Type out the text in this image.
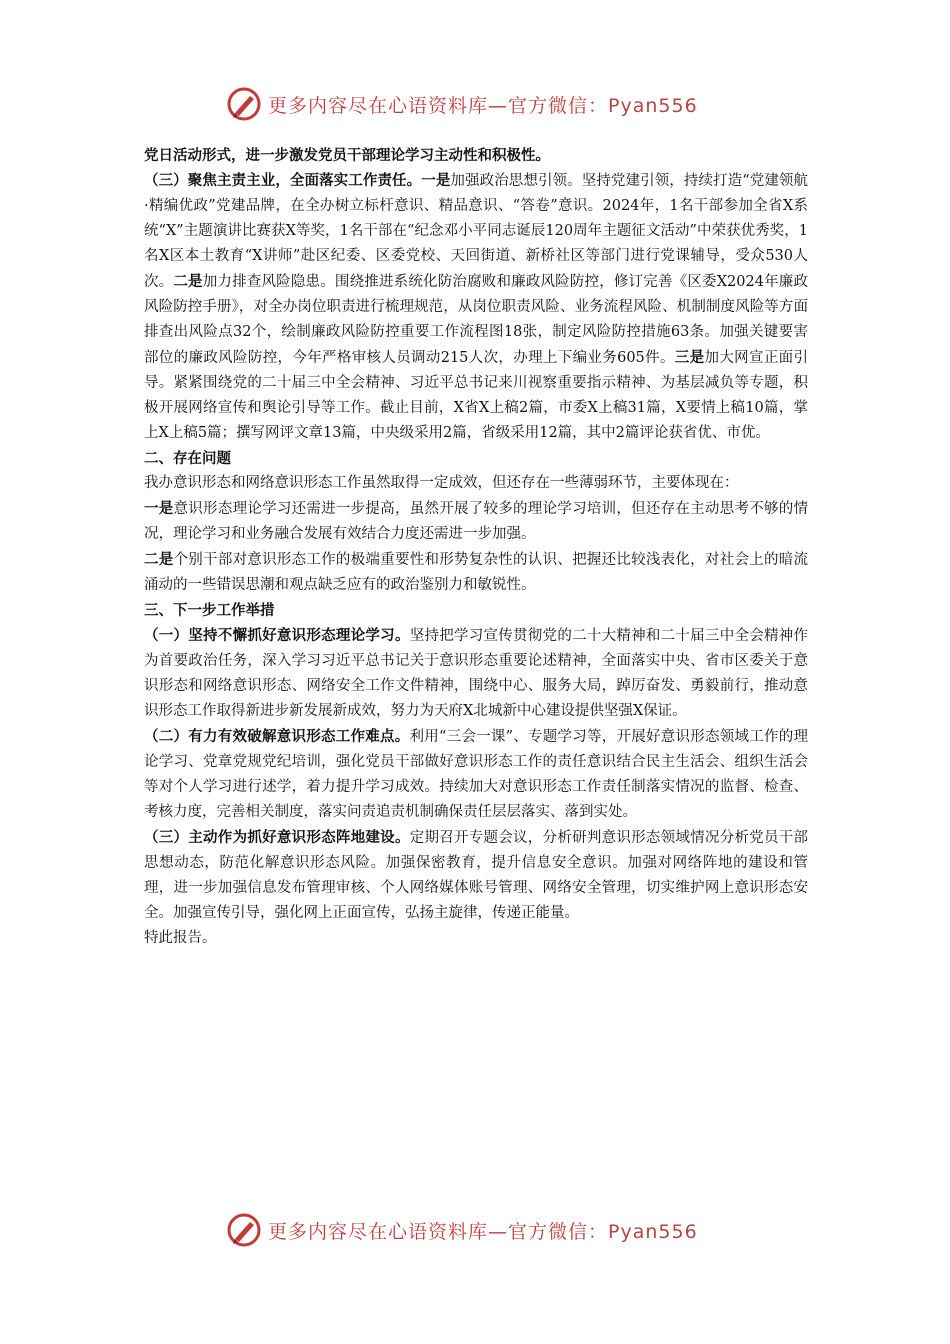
更多内容尽在心语资料库—官方微信：Pyan556

党日活动形式，进一步激发党员干部理论学习主动性和积极性。

（三）聚焦主责主业，全面落实工作责任。一是加强政治思想引领。坚持党建引领，持续打造“党建领航·精编优政”党建品牌，在全办树立标杆意识、精品意识、“答卷”意识。2024年，1名干部参加全省X系统“X”主题演讲比赛获X等奖，1名干部在“纪念邓小平同志诞辰120周年主题征文活动”中荣获优秀奖，1名X区本土教育“X讲师”赴区纪委、区委党校、天回街道、新桥社区等部门进行党课辅导，受众530人次。二是加力排查风险隐患。围绕推进系统化防治腐败和廉政风险防控，修订完善《区委X2024年廉政风险防控手册》，对全办岗位职责进行梳理规范，从岗位职责风险、业务流程风险、机制制度风险等方面排查出风险点32个，绘制廉政风险防控重要工作流程图18张，制定风险防控措施63条。加强关键要害部位的廉政风险防控，今年严格审核人员调动215人次，办理上下编业务605件。三是加大网宣正面引导。紧紧围绕党的二十届三中全会精神、习近平总书记来川视察重要指示精神、为基层减负等专题，积极开展网络宣传和舆论引导等工作。截止目前，X省X上稿2篇，市委X上稿31篇，X要情上稿10篇，掌上X上稿5篇；撰写网评文章13篇，中央级采用2篇，省级采用12篇，其中2篇评论获省优、市优。

二、存在问题

我办意识形态和网络意识形态工作虽然取得一定成效，但还存在一些薄弱环节，主要体现在：

一是意识形态理论学习还需进一步提高，虽然开展了较多的理论学习培训，但还存在主动思考不够的情况，理论学习和业务融合发展有效结合力度还需进一步加强。

二是个别干部对意识形态工作的极端重要性和形势复杂性的认识、把握还比较浅表化，对社会上的暗流涌动的一些错误思潮和观点缺乏应有的政治鉴别力和敏锐性。

三、下一步工作举措

（一）坚持不懈抓好意识形态理论学习。坚持把学习宣传贯彻党的二十大精神和二十届三中全会精神作为首要政治任务，深入学习习近平总书记关于意识形态重要论述精神，全面落实中央、省市区委关于意识形态和网络意识形态、网络安全工作文件精神，围绕中心、服务大局，踔厉奋发、勇毅前行，推动意识形态工作取得新进步新发展新成效，努力为天府X北城新中心建设提供坚强X保证。

（二）有力有效破解意识形态工作难点。利用“三会一课”、专题学习等，开展好意识形态领域工作的理论学习、党章党规党纪培训，强化党员干部做好意识形态工作的责任意识结合民主生活会、组织生活会等对个人学习进行述学，着力提升学习成效。持续加大对意识形态工作责任制落实情况的监督、检查、考核力度，完善相关制度，落实问责追责机制确保责任层层落实、落到实处。

（三）主动作为抓好意识形态阵地建设。定期召开专题会议，分析研判意识形态领域情况分析党员干部思想动态，防范化解意识形态风险。加强保密教育，提升信息安全意识。加强对网络阵地的建设和管理，进一步加强信息发布管理审核、个人网络媒体账号管理、网络安全管理，切实维护网上意识形态安全。加强宣传引导，强化网上正面宣传，弘扬主旋律，传递正能量。

特此报告。

更多内容尽在心语资料库—官方微信：Pyan556
